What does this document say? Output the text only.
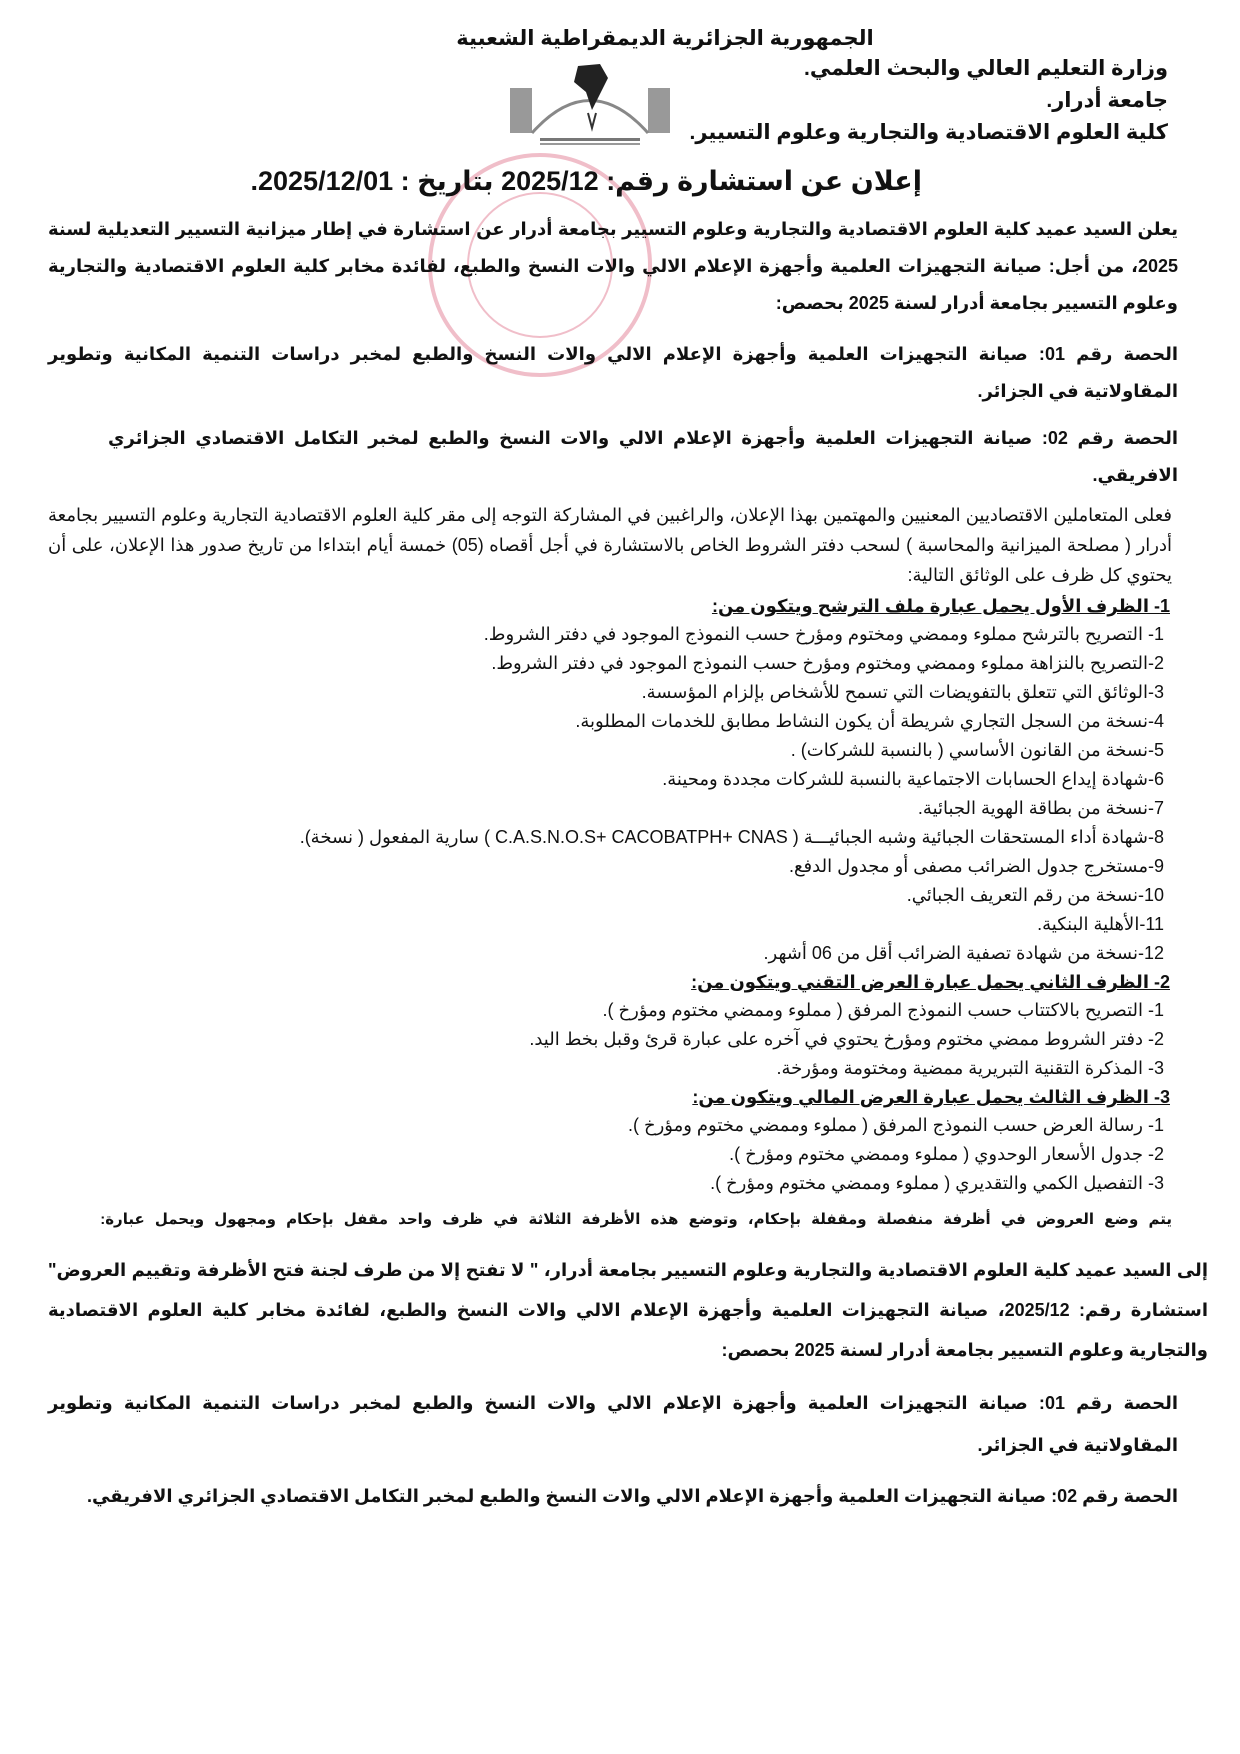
الجمهورية الجزائرية الديمقراطية الشعبية
وزارة التعليم العالي والبحث العلمي.
جامعة أدرار.
كلية العلوم الاقتصادية والتجارية وعلوم التسيير.
إعلان عن استشارة رقم: 2025/12 بتاريخ : 2025/12/01.
يعلن السيد عميد كلية العلوم الاقتصادية والتجارية وعلوم التسيير بجامعة أدرار عن استشارة في إطار ميزانية التسيير التعديلية لسنة 2025، من أجل: صيانة التجهيزات العلمية وأجهزة الإعلام الالي والات النسخ والطبع، لفائدة مخابر كلية العلوم الاقتصادية والتجارية وعلوم التسيير بجامعة أدرار لسنة 2025 بحصص:
الحصة رقم 01: صيانة التجهيزات العلمية وأجهزة الإعلام الالي والات النسخ والطبع لمخبر دراسات التنمية المكانية وتطوير المقاولاتية في الجزائر.
الحصة رقم 02: صيانة التجهيزات العلمية وأجهزة الإعلام الالي والات النسخ والطبع لمخبر التكامل الاقتصادي الجزائري الافريقي.
فعلى المتعاملين الاقتصاديين المعنيين والمهتمين بهذا الإعلان، والراغبين في المشاركة التوجه إلى مقر كلية العلوم الاقتصادية التجارية وعلوم التسيير بجامعة أدرار ( مصلحة الميزانية والمحاسبة ) لسحب دفتر الشروط الخاص بالاستشارة في أجل أقصاه (05) خمسة أيام ابتداءا من تاريخ صدور هذا الإعلان، على أن يحتوي كل ظرف على الوثائق التالية:
1- الظرف الأول يحمل عبارة ملف الترشح ويتكون من:
1- التصريح بالترشح مملوء وممضي ومختوم ومؤرخ حسب النموذج الموجود في دفتر الشروط.
2-التصريح بالنزاهة مملوء وممضي ومختوم ومؤرخ حسب النموذج الموجود في دفتر الشروط.
3-الوثائق التي تتعلق بالتفويضات التي تسمح للأشخاص بإلزام المؤسسة.
4-نسخة من السجل التجاري شريطة أن يكون النشاط مطابق للخدمات المطلوبة.
5-نسخة من القانون الأساسي ( بالنسبة للشركات) .
6-شهادة إيداع الحسابات الاجتماعية بالنسبة للشركات مجددة ومحينة.
7-نسخة من بطاقة الهوية الجبائية.
8-شهادة أداء المستحقات الجبائية وشبه الجبائيـــة ( C.A.S.N.O.S+ CACOBATPH+ CNAS ) سارية المفعول ( نسخة).
9-مستخرج جدول الضرائب مصفى أو مجدول الدفع.
10-نسخة من رقم التعريف الجبائي.
11-الأهلية البنكية.
12-نسخة من شهادة تصفية الضرائب أقل من 06 أشهر.
2- الظرف الثاني يحمل عبارة العرض التقني ويتكون من:
1- التصريح بالاكتتاب حسب النموذج المرفق ( مملوء وممضي مختوم ومؤرخ ).
2- دفتر الشروط ممضي مختوم ومؤرخ يحتوي في آخره على عبارة قرئ وقبل بخط اليد.
3- المذكرة التقنية التبريرية ممضية ومختومة ومؤرخة.
3- الظرف الثالث يحمل عبارة العرض المالي ويتكون من:
1- رسالة العرض حسب النموذج المرفق ( مملوء وممضي مختوم ومؤرخ ).
2- جدول الأسعار الوحدوي ( مملوء وممضي مختوم ومؤرخ ).
3- التفصيل الكمي والتقديري ( مملوء وممضي مختوم ومؤرخ ).
يتم وضع العروض في أظرفة منفصلة ومقفلة بإحكام، وتوضع هذه الأظرفة الثلاثة في ظرف واحد مقفل بإحكام ومجهول ويحمل عبارة:
إلى السيد عميد كلية العلوم الاقتصادية والتجارية وعلوم التسيير بجامعة أدرار، " لا تفتح إلا من طرف لجنة فتح الأظرفة وتقييم العروض" استشارة رقم: 2025/12، صيانة التجهيزات العلمية وأجهزة الإعلام الالي والات النسخ والطبع، لفائدة مخابر كلية العلوم الاقتصادية والتجارية وعلوم التسيير بجامعة أدرار لسنة 2025 بحصص:
الحصة رقم 01: صيانة التجهيزات العلمية وأجهزة الإعلام الالي والات النسخ والطبع لمخبر دراسات التنمية المكانية وتطوير المقاولاتية في الجزائر.
الحصة رقم 02: صيانة التجهيزات العلمية وأجهزة الإعلام الالي والات النسخ والطبع لمخبر التكامل الاقتصادي الجزائري الافريقي.
